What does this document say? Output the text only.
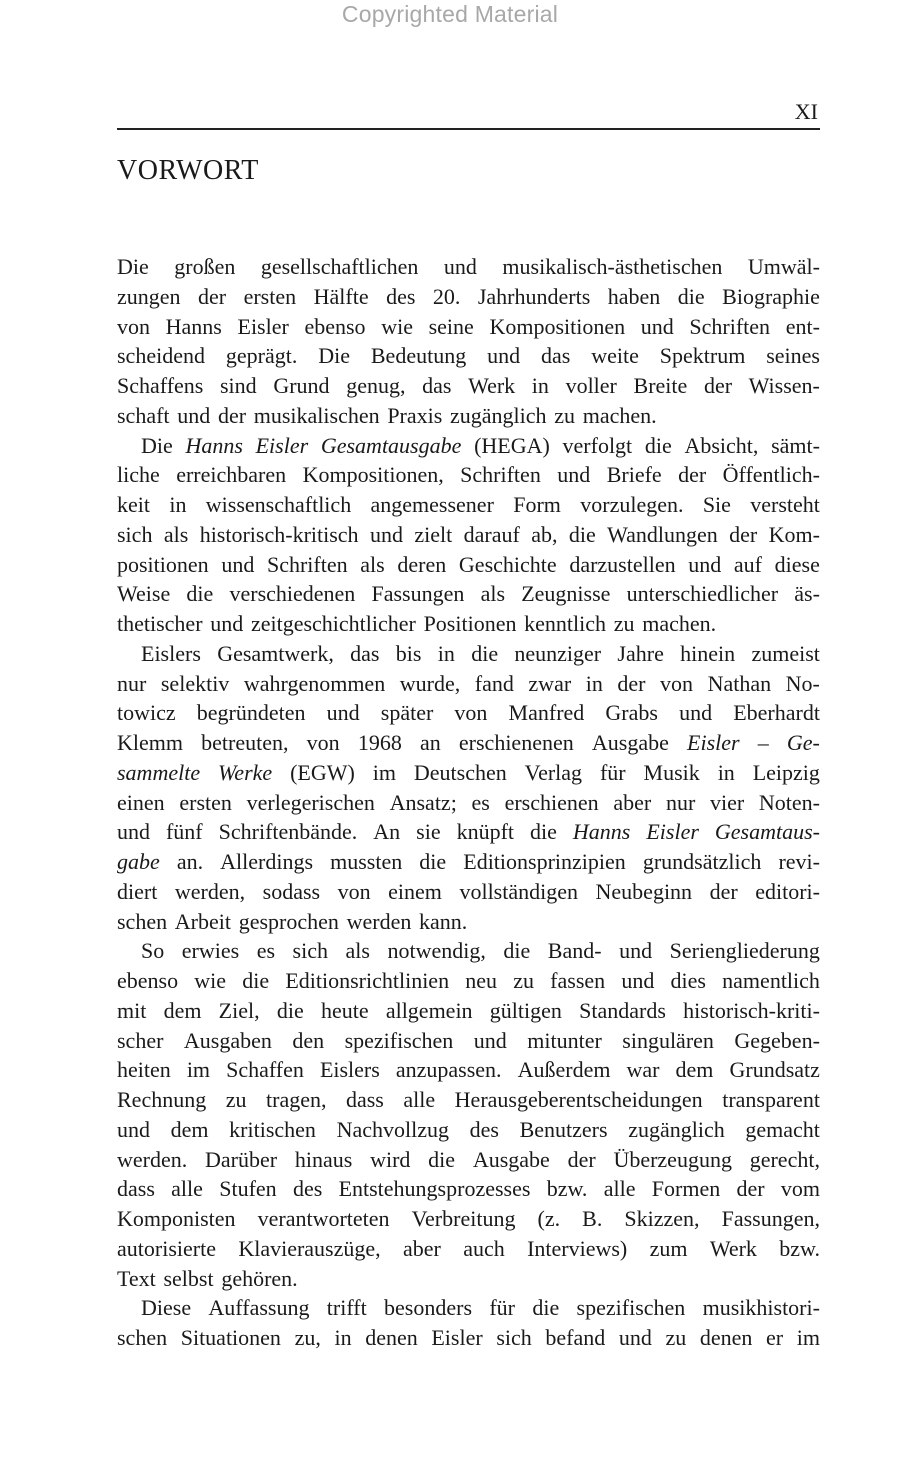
Copyrighted Material
XI
VORWORT
Die großen gesellschaftlichen und musikalisch-ästhetischen Umwäl-
zungen der ersten Hälfte des 20. Jahrhunderts haben die Biographie
von Hanns Eisler ebenso wie seine Kompositionen und Schriften ent-
scheidend geprägt. Die Bedeutung und das weite Spektrum seines
Schaffens sind Grund genug, das Werk in voller Breite der Wissen-
schaft
und
der
musikalischen
Praxis
zugänglich
zu
machen.
Die Hanns Eisler Gesamtausgabe (HEGA) verfolgt die Absicht, sämt-
liche erreichbaren Kompositionen, Schriften und Briefe der Öffentlich-
keit in wissenschaftlich angemessener Form vorzulegen. Sie versteht
sich als historisch-kritisch und zielt darauf ab, die Wandlungen der Kom-
positionen und Schriften als deren Geschichte darzustellen und auf diese
Weise die verschiedenen Fassungen als Zeugnisse unterschiedlicher äs-
thetischer
und
zeitgeschichtlicher
Positionen
kenntlich
zu
machen.
Eislers Gesamtwerk, das bis in die neunziger Jahre hinein zumeist
nur selektiv wahrgenommen wurde, fand zwar in der von Nathan No-
towicz begründeten und später von Manfred Grabs und Eberhardt
Klemm betreuten, von 1968 an erschienenen Ausgabe Eisler – Ge-
sammelte Werke (EGW) im Deutschen Verlag für Musik in Leipzig
einen ersten verlegerischen Ansatz; es erschienen aber nur vier Noten-
und fünf Schriftenbände. An sie knüpft die Hanns Eisler Gesamtaus-
gabe an. Allerdings mussten die Editionsprinzipien grundsätzlich revi-
diert werden, sodass von einem vollständigen Neubeginn der editori-
schen
Arbeit
gesprochen
werden
kann.
So erwies es sich als notwendig, die Band- und Seriengliederung
ebenso wie die Editionsrichtlinien neu zu fassen und dies namentlich
mit dem Ziel, die heute allgemein gültigen Standards historisch-kriti-
scher Ausgaben den spezifischen und mitunter singulären Gegeben-
heiten im Schaffen Eislers anzupassen. Außerdem war dem Grundsatz
Rechnung zu tragen, dass alle Herausgeberentscheidungen transparent
und dem kritischen Nachvollzug des Benutzers zugänglich gemacht
werden. Darüber hinaus wird die Ausgabe der Überzeugung gerecht,
dass alle Stufen des Entstehungsprozesses bzw. alle Formen der vom
Komponisten verantworteten Verbreitung (z. B. Skizzen, Fassungen,
autorisierte Klavierauszüge, aber auch Interviews) zum Werk bzw.
Text
selbst
gehören.
Diese Auffassung trifft besonders für die spezifischen musikhistori-
schen Situationen zu, in denen Eisler sich befand und zu denen er im
